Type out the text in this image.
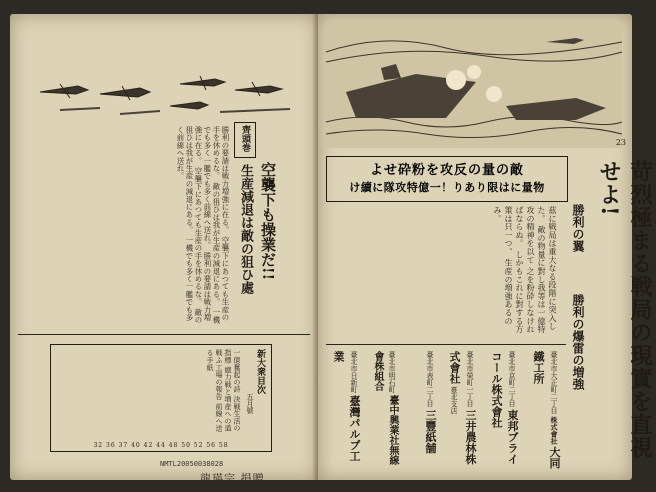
齊頭巻
空襲下も操業だ!!
生産減退は敵の狙ひ處
勝利の要請は戦力増強に在る。 空襲下にあつても生産の手を休めるな。 敵の狙ひは我が生産の減退にある。 一機でも多く一艦でも多く前線へ送れ。 勝利の要請は戦力増強に在る。 空襲下にあつても生産の手を休めるな。 敵の狙ひは我が生産の減退にある。 一機でも多く一艦でも多く前線へ送れ。
新大衆目次
五月號
一億奮起の詩 決戦生活の指標 總力戦と増産への道 戦ふ工場の報告 前線へ送る手紙
32 36 37 40 42 44 48 50 52 56 58
NMTL20050038028
龍瑛宗 捐贈
23
敵の量の反攻を粉砕せよ
物量には限りあり！一億特攻隊に續け	苛烈極まる戦局の現實を直視せよ!
勝利の翼
勝利の爆雷の増強
茲に戦局は重大なる段階に突入した。 敵の物量に對し我等は一億特攻の精神を以て 之を粉砕しなければならぬ。 しかもこれに對する方策は只一つ、 生産の増強あるのみ。
臺北市大正町二丁目 株式會社 大同鐵工所
臺北市京町二丁目 東邦ブライコール株式會社
臺北市榮町一丁目 三井農林株式會社 臺北支店
臺北市表町二丁目 三豐紙舗
臺北市明石町 臺中興業社無線會株組合
臺北市日新町 臺灣パルプ工業
